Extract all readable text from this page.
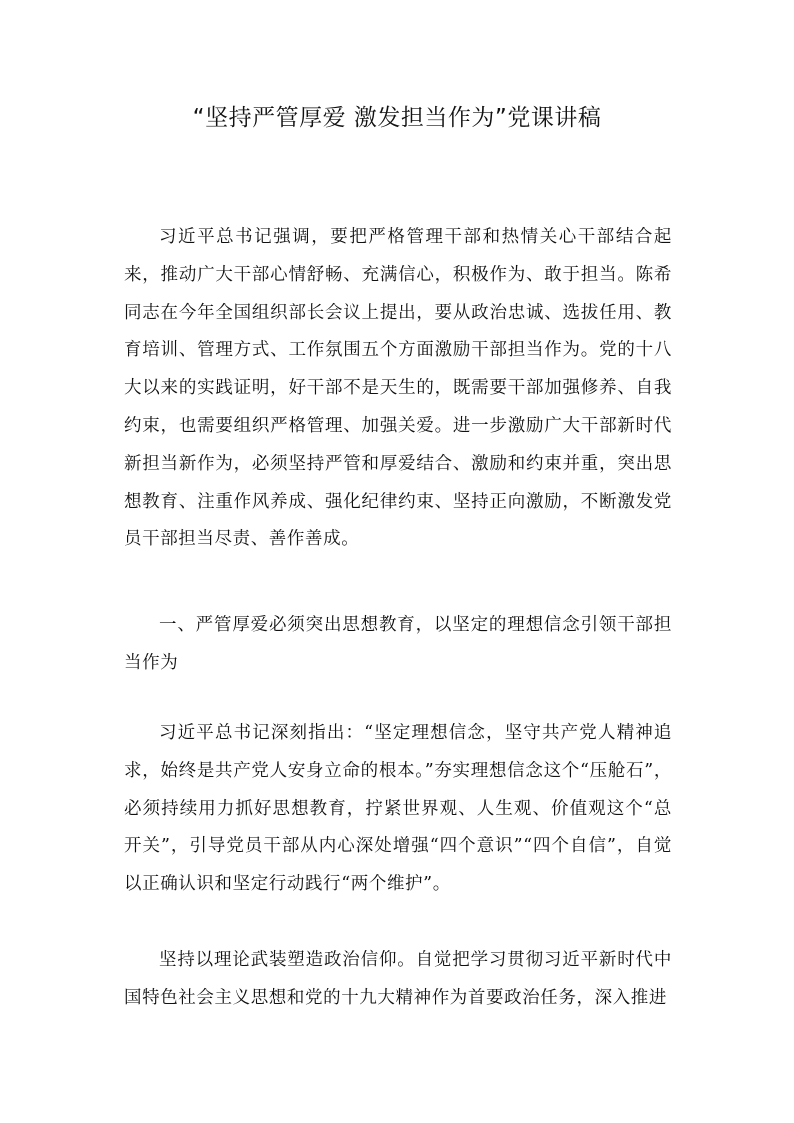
“坚持严管厚爱 激发担当作为”党课讲稿

习近平总书记强调，要把严格管理干部和热情关心干部结合起来，推动广大干部心情舒畅、充满信心，积极作为、敢于担当。陈希同志在今年全国组织部长会议上提出，要从政治忠诚、选拔任用、教育培训、管理方式、工作氛围五个方面激励干部担当作为。党的十八大以来的实践证明，好干部不是天生的，既需要干部加强修养、自我约束，也需要组织严格管理、加强关爱。进一步激励广大干部新时代新担当新作为，必须坚持严管和厚爱结合、激励和约束并重，突出思想教育、注重作风养成、强化纪律约束、坚持正向激励，不断激发党员干部担当尽责、善作善成。

一、严管厚爱必须突出思想教育，以坚定的理想信念引领干部担当作为

习近平总书记深刻指出：“坚定理想信念，坚守共产党人精神追求，始终是共产党人安身立命的根本。”夯实理想信念这个“压舱石”，必须持续用力抓好思想教育，拧紧世界观、人生观、价值观这个“总开关”，引导党员干部从内心深处增强“四个意识”“四个自信”，自觉以正确认识和坚定行动践行“两个维护”。

坚持以理论武装塑造政治信仰。自觉把学习贯彻习近平新时代中国特色社会主义思想和党的十九大精神作为首要政治任务，深入推进
